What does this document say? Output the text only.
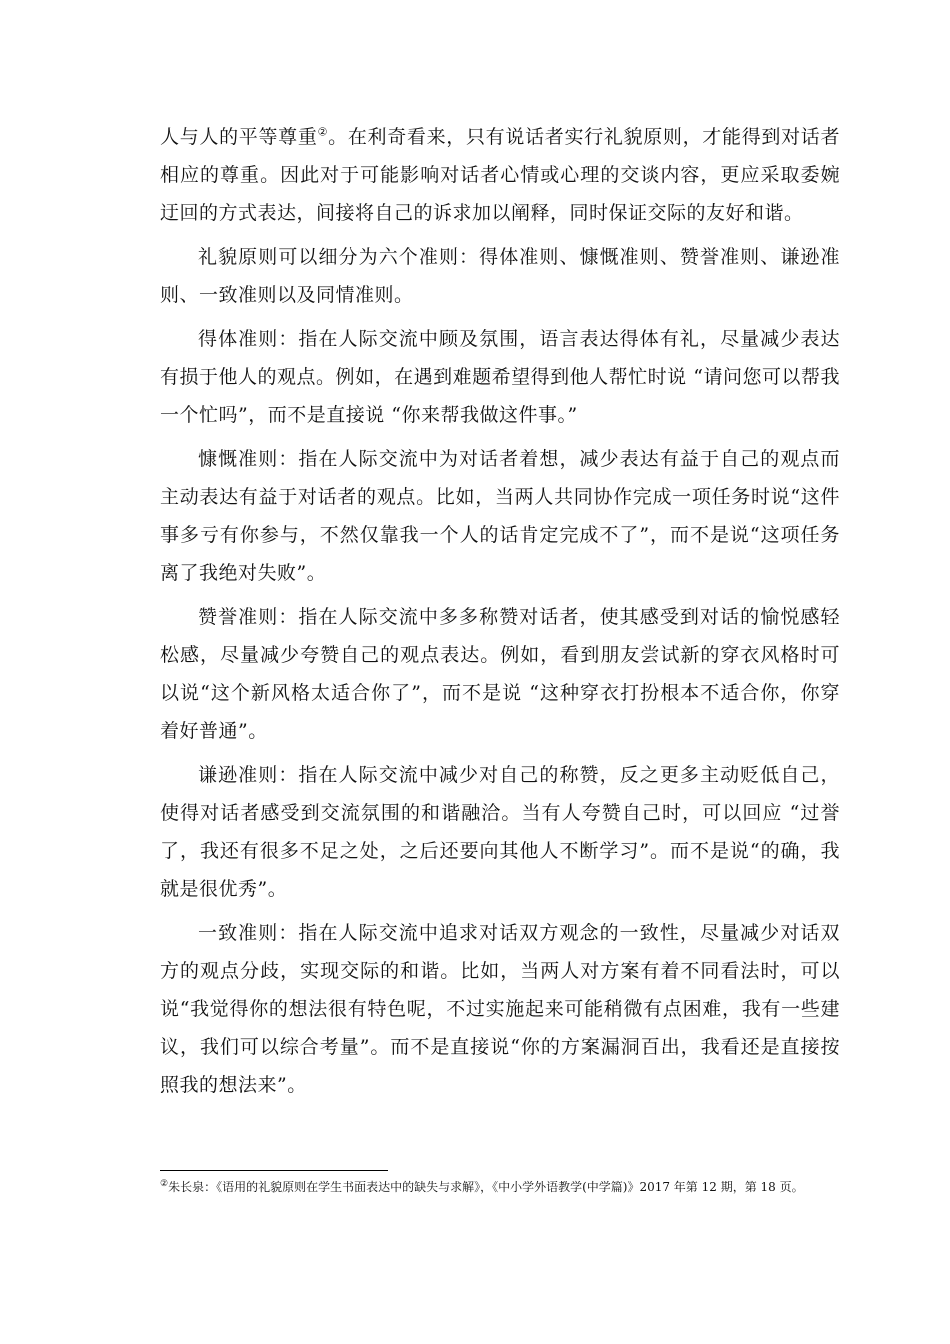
人与人的平等尊重②。在利奇看来，只有说话者实行礼貌原则，才能得到对话者相应的尊重。因此对于可能影响对话者心情或心理的交谈内容，更应采取委婉迂回的方式表达，间接将自己的诉求加以阐释，同时保证交际的友好和谐。

礼貌原则可以细分为六个准则：得体准则、慷慨准则、赞誉准则、谦逊准则、一致准则以及同情准则。

得体准则：指在人际交流中顾及氛围，语言表达得体有礼，尽量减少表达有损于他人的观点。例如，在遇到难题希望得到他人帮忙时说 “请问您可以帮我一个忙吗”，而不是直接说 “你来帮我做这件事。”

慷慨准则：指在人际交流中为对话者着想，减少表达有益于自己的观点而主动表达有益于对话者的观点。比如，当两人共同协作完成一项任务时说“这件事多亏有你参与，不然仅靠我一个人的话肯定完成不了”，而不是说“这项任务离了我绝对失败”。

赞誉准则：指在人际交流中多多称赞对话者，使其感受到对话的愉悦感轻松感，尽量减少夸赞自己的观点表达。例如，看到朋友尝试新的穿衣风格时可以说“这个新风格太适合你了”，而不是说 “这种穿衣打扮根本不适合你，你穿着好普通”。

谦逊准则：指在人际交流中减少对自己的称赞，反之更多主动贬低自己，使得对话者感受到交流氛围的和谐融洽。当有人夸赞自己时，可以回应 “过誉了，我还有很多不足之处，之后还要向其他人不断学习”。而不是说“的确，我就是很优秀”。

一致准则：指在人际交流中追求对话双方观念的一致性，尽量减少对话双方的观点分歧，实现交际的和谐。比如，当两人对方案有着不同看法时，可以说“我觉得你的想法很有特色呢，不过实施起来可能稍微有点困难，我有一些建议，我们可以综合考量”。而不是直接说“你的方案漏洞百出，我看还是直接按照我的想法来”。

②朱长泉：《语用的礼貌原则在学生书面表达中的缺失与求解》，《中小学外语教学(中学篇)》2017 年第 12 期，第 18 页。
